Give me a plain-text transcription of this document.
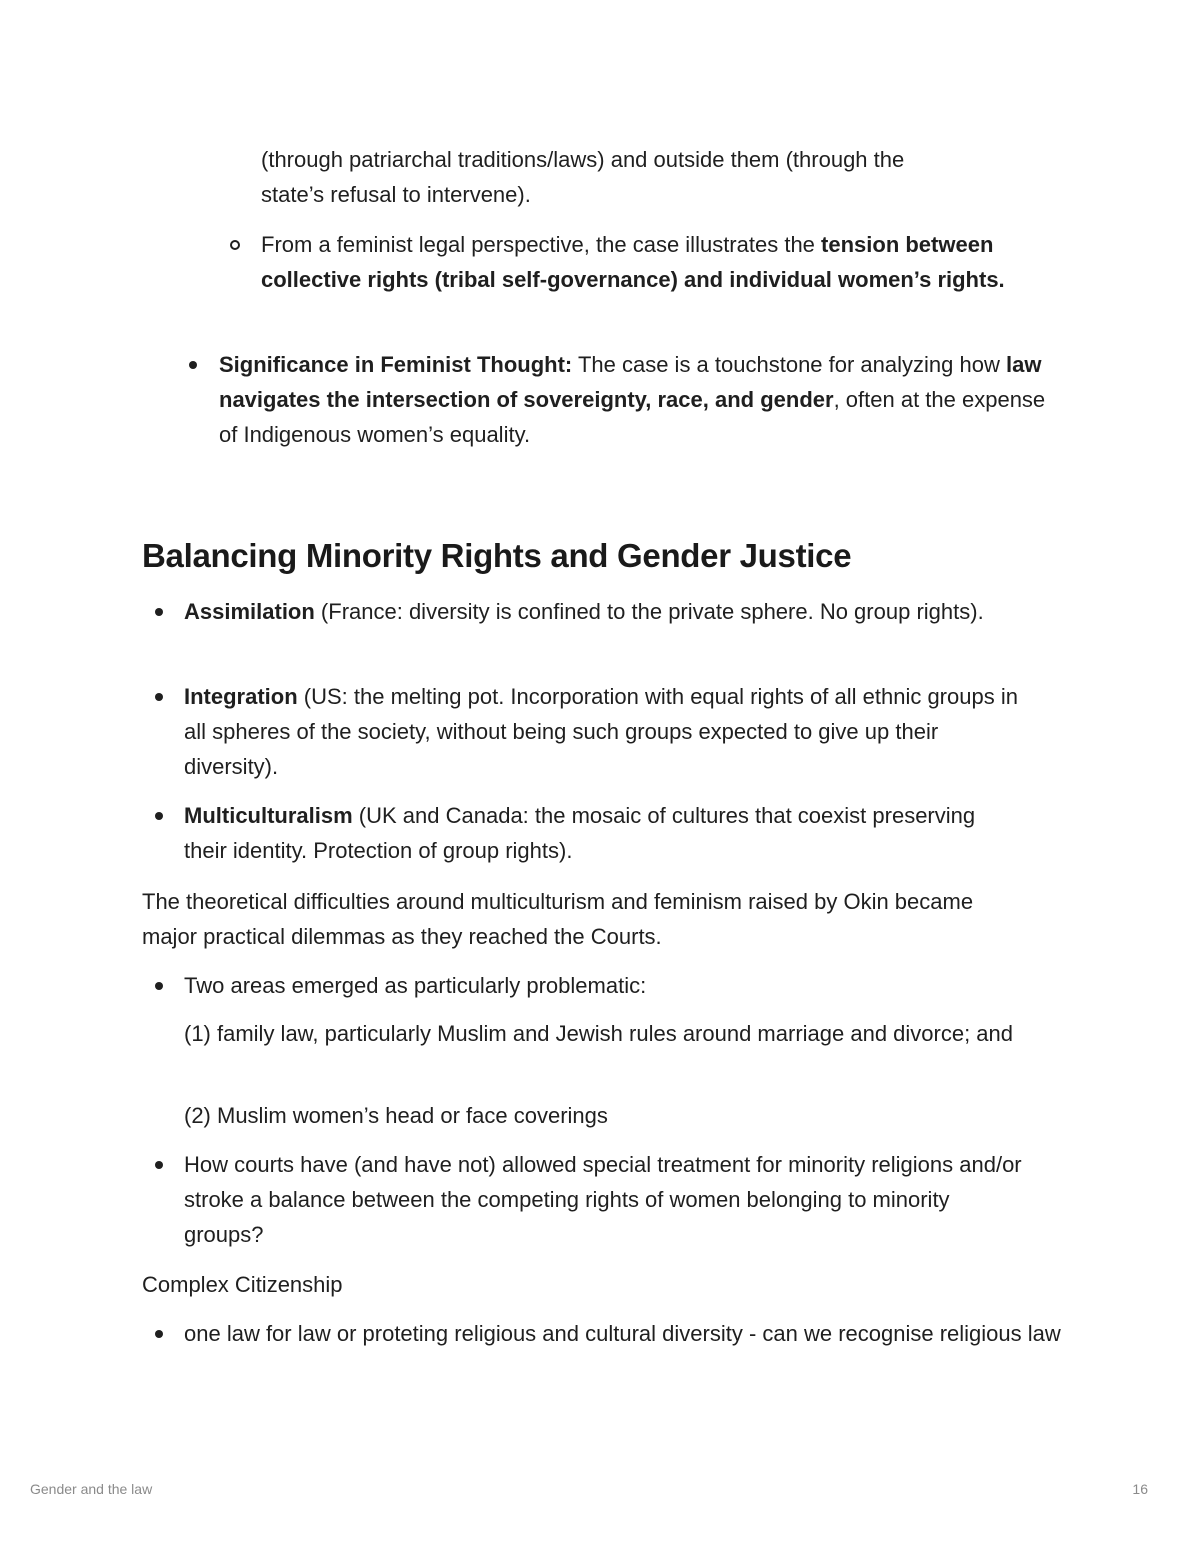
(through patriarchal traditions/laws) and outside them (through the
state’s refusal to intervene).
From a feminist legal perspective, the case illustrates the tension between collective rights (tribal self-governance) and individual women’s rights.
Significance in Feminist Thought: The case is a touchstone for analyzing how law navigates the intersection of sovereignty, race, and gender, often at the expense of Indigenous women’s equality.
Balancing Minority Rights and Gender Justice
Assimilation (France: diversity is confined to the private sphere. No group rights).
Integration (US: the melting pot. Incorporation with equal rights of all ethnic groups in all spheres of the society, without being such groups expected to give up their diversity).
Multiculturalism (UK and Canada: the mosaic of cultures that coexist preserving their identity. Protection of group rights).
The theoretical difficulties around multiculturism and feminism raised by Okin became major practical dilemmas as they reached the Courts.
Two areas emerged as particularly problematic:
(1) family law, particularly Muslim and Jewish rules around marriage and divorce; and
(2) Muslim women’s head or face coverings
How courts have (and have not) allowed special treatment for minority religions and/or stroke a balance between the competing rights of women belonging to minority groups?
Complex Citizenship
one law for law or proteting religious and cultural diversity - can we recognise religious law
Gender and the law	16
